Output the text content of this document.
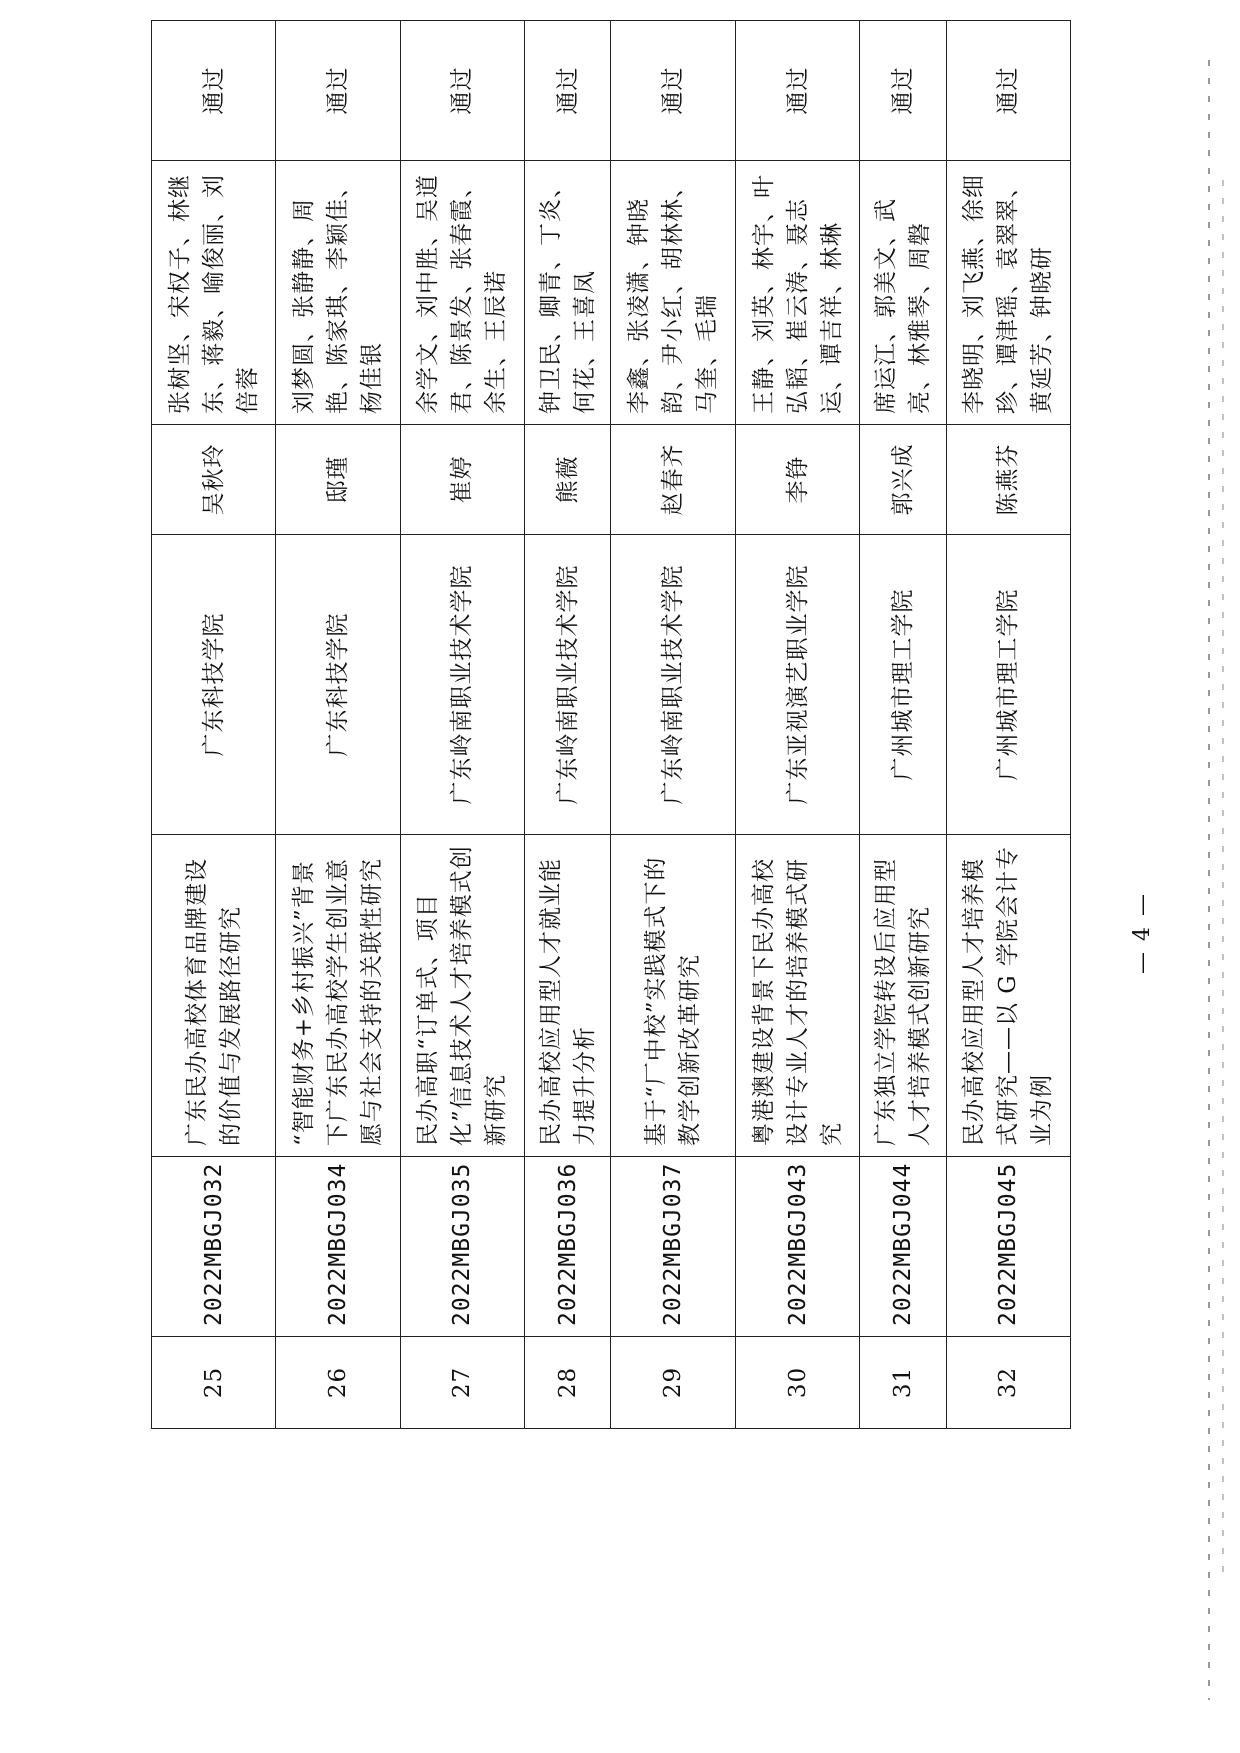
25	2022MBGJ032	广东民办高校体育品牌建设的价值与发展路径研究	广东科技学院	吴秋玲	张树坚、宋权子、林继东、蒋毅、喻俊丽、刘倍蓉	通过
26	2022MBGJ034	“智能财务+乡村振兴”背景下广东民办高校学生创业意愿与社会支持的关联性研究	广东科技学院	邸瑾	刘梦圆、张静静、周艳、陈家琪、李颖佳、杨佳银	通过
27	2022MBGJ035	民办高职“订单式、项目化”信息技术人才培养模式创新研究	广东岭南职业技术学院	崔婷	余学文、刘中胜、吴道君、陈景发、张春霞、余生、王辰诺	通过
28	2022MBGJ036	民办高校应用型人才就业能力提升分析	广东岭南职业技术学院	熊薇	钟卫民、卿青、丁炎、何花、王喜凤	通过
29	2022MBGJ037	基于“厂中校”实践模式下的教学创新改革研究	广东岭南职业技术学院	赵春齐	李鑫、张凌潇、钟晓韵、尹小红、胡林林、马奎、毛瑞	通过
30	2022MBGJ043	粤港澳建设背景下民办高校设计专业人才的培养模式研究	广东亚视演艺职业学院	李铮	王静、刘英、林宇、叶弘韬、崔云涛、聂志运、谭吉祥、林琳	通过
31	2022MBGJ044	广东独立学院转设后应用型人才培养模式创新研究	广州城市理工学院	郭兴成	席运江、郭美文、武亮、林雅琴、周磐	通过
32	2022MBGJ045	民办高校应用型人才培养模式研究——以 G 学院会计专业为例	广州城市理工学院	陈燕芬	李晓明、刘飞燕、徐细珍、谭津瑶、袁翠翠、黄延芳、钟晓研	通过
— 4 —
